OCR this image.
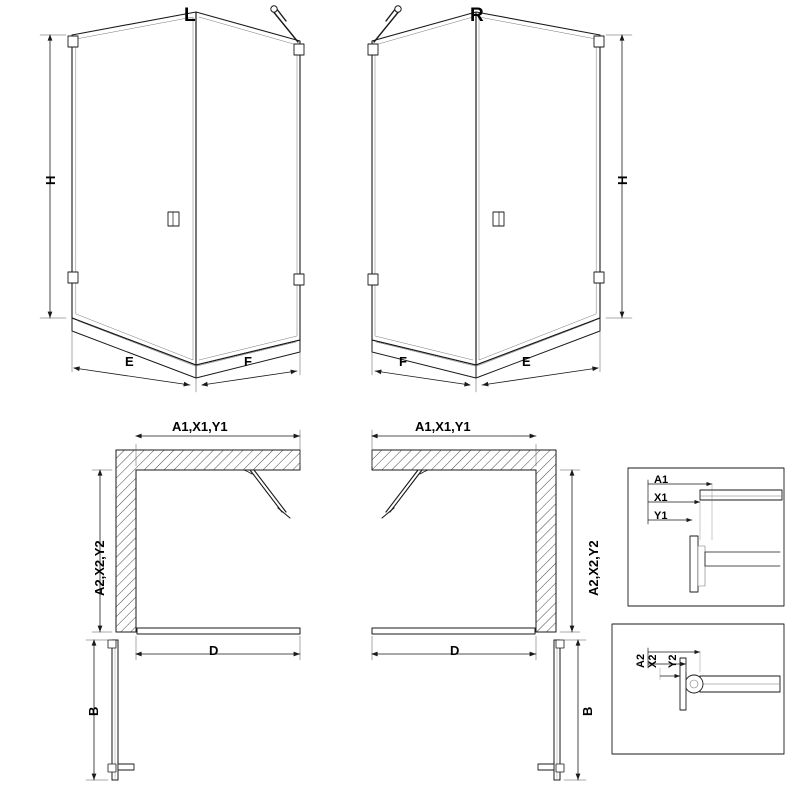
L	R
H
E	F
H
F	E
A1,X1,Y1
A2,X2,Y2
D
B
A1,X1,Y1
A2,X2,Y2
D
B
A1
X1
Y1
A2 X2 Y2
